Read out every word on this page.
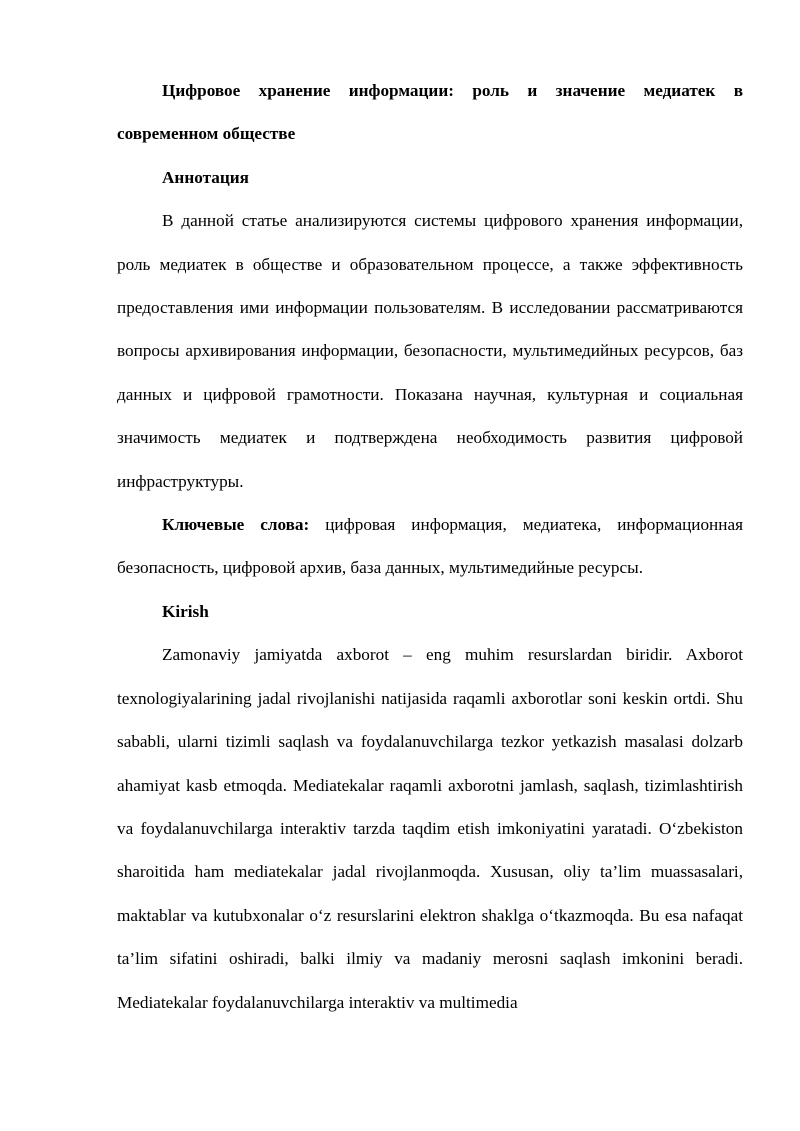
Цифровое хранение информации: роль и значение медиатек в современном обществе

Аннотация

В данной статье анализируются системы цифрового хранения информации, роль медиатек в обществе и образовательном процессе, а также эффективность предоставления ими информации пользователям. В исследовании рассматриваются вопросы архивирования информации, безопасности, мультимедийных ресурсов, баз данных и цифровой грамотности. Показана научная, культурная и социальная значимость медиатек и подтверждена необходимость развития цифровой инфраструктуры.

Ключевые слова: цифровая информация, медиатека, информационная безопасность, цифровой архив, база данных, мультимедийные ресурсы.

Kirish

Zamonaviy jamiyatda axborot – eng muhim resurslardan biridir. Axborot texnologiyalarining jadal rivojlanishi natijasida raqamli axborotlar soni keskin ortdi. Shu sababli, ularni tizimli saqlash va foydalanuvchilarga tezkor yetkazish masalasi dolzarb ahamiyat kasb etmoqda. Mediatekalar raqamli axborotni jamlash, saqlash, tizimlashtirish va foydalanuvchilarga interaktiv tarzda taqdim etish imkoniyatini yaratadi. O‘zbekiston sharoitida ham mediatekalar jadal rivojlanmoqda. Xususan, oliy ta’lim muassasalari, maktablar va kutubxonalar o‘z resurslarini elektron shaklga o‘tkazmoqda. Bu esa nafaqat ta’lim sifatini oshiradi, balki ilmiy va madaniy merosni saqlash imkonini beradi. Mediatekalar foydalanuvchilarga interaktiv va multimedia
